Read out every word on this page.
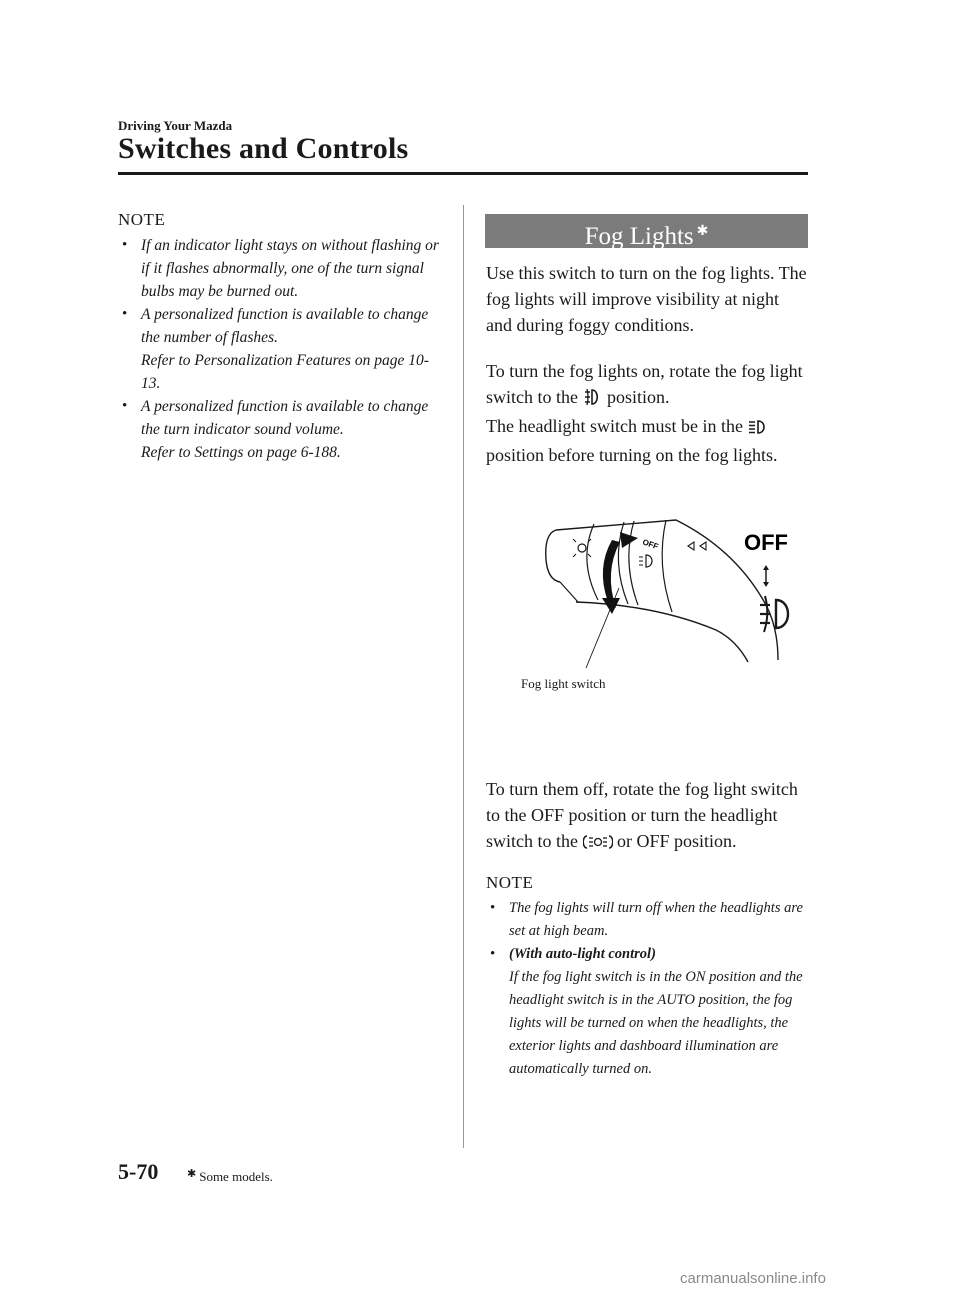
Driving Your Mazda
Switches and Controls
NOTE
• If an indicator light stays on without flashing or if it flashes abnormally, one of the turn signal bulbs may be burned out.
• A personalized function is available to change the number of flashes.
Refer to Personalization Features on page 10-13.
• A personalized function is available to change the turn indicator sound volume.
Refer to Settings on page 6-188.
Fog Lights ✱
Use this switch to turn on the fog lights. The fog lights will improve visibility at night and during foggy conditions.
To turn the fog lights on, rotate the fog light switch to the position.
The headlight switch must be in the  position before turning on the fog lights.
OFF	OFF
Fog light switch
To turn them off, rotate the fog light switch to the OFF position or turn the headlight switch to the or OFF position.
NOTE
• The fog lights will turn off when the headlights are set at high beam.
• (With auto-light control)
If the fog light switch is in the ON position and the headlight switch is in the AUTO position, the fog lights will be turned on when the headlights, the exterior lights and dashboard illumination are automatically turned on.
5-70	✱ Some models.
carmanualsonline.info
